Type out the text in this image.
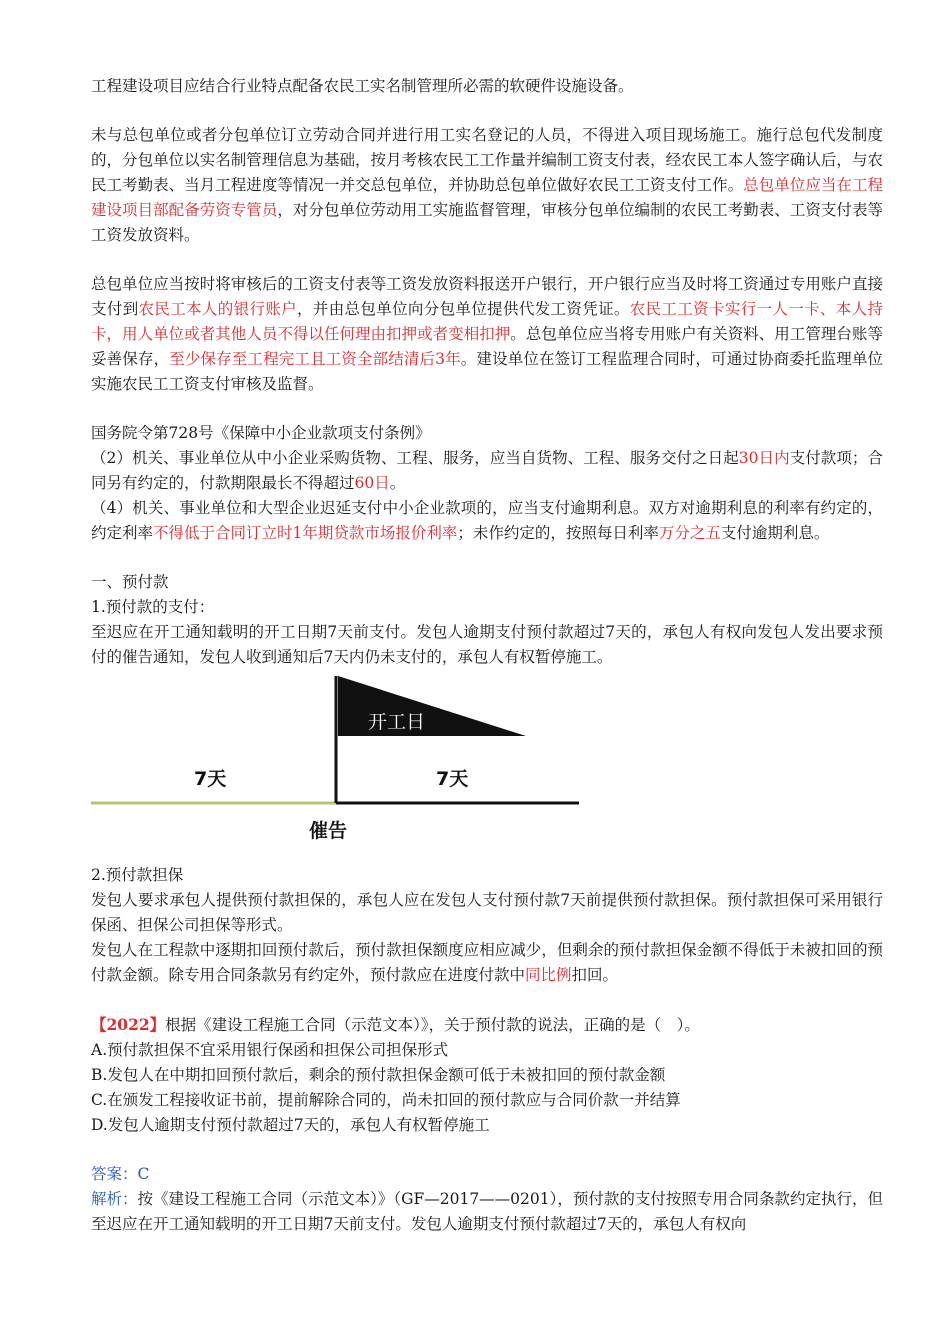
工程建设项目应结合行业特点配备农民工实名制管理所必需的软硬件设施设备。

未与总包单位或者分包单位订立劳动合同并进行用工实名登记的人员，不得进入项目现场施工。施行总包代发制度的，分包单位以实名制管理信息为基础，按月考核农民工工作量并编制工资支付表，经农民工本人签字确认后，与农民工考勤表、当月工程进度等情况一并交总包单位，并协助总包单位做好农民工工资支付工作。总包单位应当在工程建设项目部配备劳资专管员，对分包单位劳动用工实施监督管理，审核分包单位编制的农民工考勤表、工资支付表等工资发放资料。

总包单位应当按时将审核后的工资支付表等工资发放资料报送开户银行，开户银行应当及时将工资通过专用账户直接支付到农民工本人的银行账户，并由总包单位向分包单位提供代发工资凭证。农民工工资卡实行一人一卡、本人持卡，用人单位或者其他人员不得以任何理由扣押或者变相扣押。总包单位应当将专用账户有关资料、用工管理台账等妥善保存，至少保存至工程完工且工资全部结清后3年。建设单位在签订工程监理合同时，可通过协商委托监理单位实施农民工工资支付审核及监督。

国务院令第728号《保障中小企业款项支付条例》

（2）机关、事业单位从中小企业采购货物、工程、服务，应当自货物、工程、服务交付之日起30日内支付款项；合同另有约定的，付款期限最长不得超过60日。

（4）机关、事业单位和大型企业迟延支付中小企业款项的，应当支付逾期利息。双方对逾期利息的利率有约定的，约定利率不得低于合同订立时1年期贷款市场报价利率；未作约定的，按照每日利率万分之五支付逾期利息。

一、预付款

1.预付款的支付：

至迟应在开工通知载明的开工日期7天前支付。发包人逾期支付预付款超过7天的，承包人有权向发包人发出要求预付的催告通知，发包人收到通知后7天内仍未支付的，承包人有权暂停施工。

开工日
7天	7天
催告

2.预付款担保

发包人要求承包人提供预付款担保的，承包人应在发包人支付预付款7天前提供预付款担保。预付款担保可采用银行保函、担保公司担保等形式。

发包人在工程款中逐期扣回预付款后，预付款担保额度应相应减少，但剩余的预付款担保金额不得低于未被扣回的预付款金额。除专用合同条款另有约定外，预付款应在进度付款中同比例扣回。

【2022】根据《建设工程施工合同（示范文本）》，关于预付款的说法，正确的是（　）。

A.预付款担保不宜采用银行保函和担保公司担保形式

B.发包人在中期扣回预付款后，剩余的预付款担保金额可低于未被扣回的预付款金额

C.在颁发工程接收证书前，提前解除合同的，尚未扣回的预付款应与合同价款一并结算

D.发包人逾期支付预付款超过7天的，承包人有权暂停施工

答案：C

解析：按《建设工程施工合同（示范文本）》（GF—2017——0201），预付款的支付按照专用合同条款约定执行，但至迟应在开工通知载明的开工日期7天前支付。发包人逾期支付预付款超过7天的，承包人有权向
